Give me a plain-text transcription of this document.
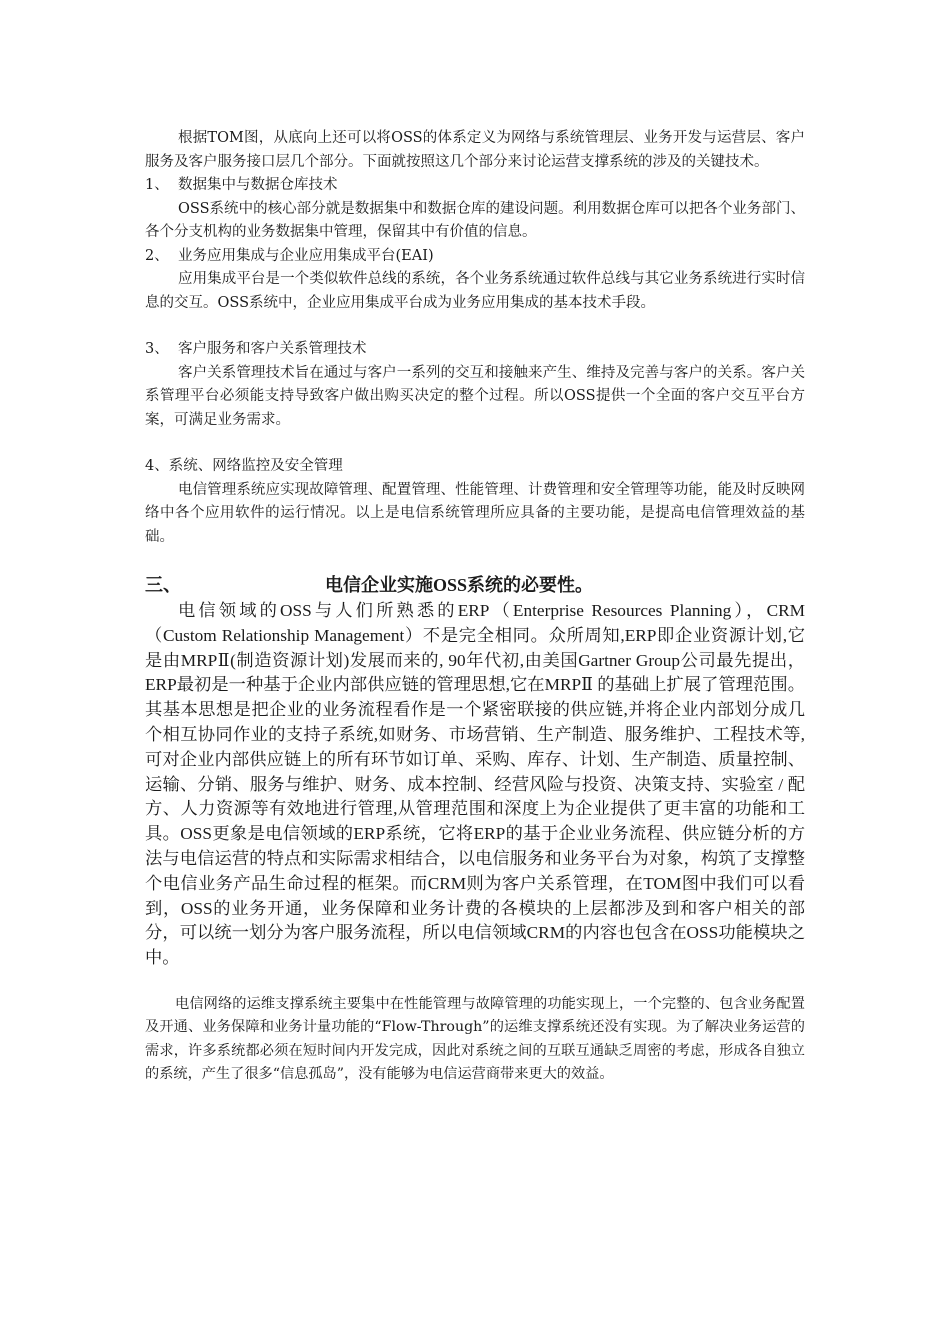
根据TOM图，从底向上还可以将OSS的体系定义为网络与系统管理层、业务开发与运营层、客户服务及客户服务接口层几个部分。下面就按照这几个部分来讨论运营支撑系统的涉及的关键技术。

1、 数据集中与数据仓库技术

OSS系统中的核心部分就是数据集中和数据仓库的建设问题。利用数据仓库可以把各个业务部门、各个分支机构的业务数据集中管理，保留其中有价值的信息。

2、 业务应用集成与企业应用集成平台(EAI)

应用集成平台是一个类似软件总线的系统，各个业务系统通过软件总线与其它业务系统进行实时信息的交互。OSS系统中，企业应用集成平台成为业务应用集成的基本技术手段。

3、 客户服务和客户关系管理技术

客户关系管理技术旨在通过与客户一系列的交互和接触来产生、维持及完善与客户的关系。客户关系管理平台必须能支持导致客户做出购买决定的整个过程。所以OSS提供一个全面的客户交互平台方案，可满足业务需求。

4、系统、网络监控及安全管理

电信管理系统应实现故障管理、配置管理、性能管理、计费管理和安全管理等功能，能及时反映网络中各个应用软件的运行情况。以上是电信系统管理所应具备的主要功能，是提高电信管理效益的基础。

三、	电信企业实施OSS系统的必要性。

电信领域的OSS与人们所熟悉的ERP（Enterprise Resources Planning），CRM（Custom Relationship Management）不是完全相同。众所周知,ERP即企业资源计划,它是由MRPⅡ(制造资源计划)发展而来的, 90年代初,由美国Gartner Group公司最先提出，ERP最初是一种基于企业内部供应链的管理思想,它在MRPⅡ 的基础上扩展了管理范围。其基本思想是把企业的业务流程看作是一个紧密联接的供应链,并将企业内部划分成几个相互协同作业的支持子系统,如财务、市场营销、生产制造、服务维护、工程技术等,可对企业内部供应链上的所有环节如订单、采购、库存、计划、生产制造、质量控制、运输、分销、服务与维护、财务、成本控制、经营风险与投资、决策支持、实验室 / 配方、人力资源等有效地进行管理,从管理范围和深度上为企业提供了更丰富的功能和工具。OSS更象是电信领域的ERP系统，它将ERP的基于企业业务流程、供应链分析的方法与电信运营的特点和实际需求相结合，以电信服务和业务平台为对象，构筑了支撑整个电信业务产品生命过程的框架。而CRM则为客户关系管理，在TOM图中我们可以看到，OSS的业务开通，业务保障和业务计费的各模块的上层都涉及到和客户相关的部分，可以统一划分为客户服务流程，所以电信领域CRM的内容也包含在OSS功能模块之中。

电信网络的运维支撑系统主要集中在性能管理与故障管理的功能实现上，一个完整的、包含业务配置及开通、业务保障和业务计量功能的“Flow-Through”的运维支撑系统还没有实现。为了解决业务运营的需求，许多系统都必须在短时间内开发完成，因此对系统之间的互联互通缺乏周密的考虑，形成各自独立的系统，产生了很多“信息孤岛”，没有能够为电信运营商带来更大的效益。
